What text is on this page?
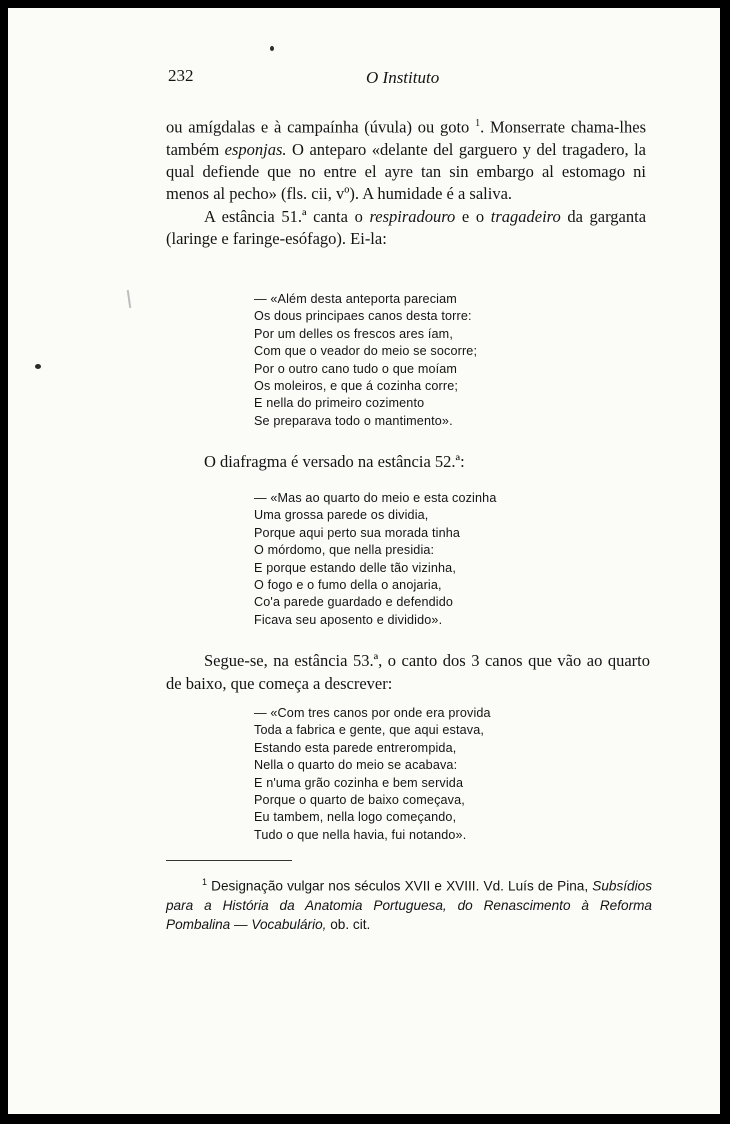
232	O Instituto

ou amígdalas e à campaínha (úvula) ou goto $^1$. Monserrate chama-lhes também esponjas. O anteparo «delante del garguero y del tragadero, la qual defiende que no entre el ayre tan sin embargo al estomago ni menos al pecho» (fls. cii, vº). A humidade é a saliva.

A estância 51.ª canta o respiradouro e o tragadeiro da garganta (laringe e faringe-esófago). Ei-la:

— «Além desta anteporta pareciam
Os dous principaes canos desta torre:
Por um delles os frescos ares íam,
Com que o veador do meio se socorre;
Por o outro cano tudo o que moíam
Os moleiros, e que á cozinha corre;
E nella do primeiro cozimento
Se preparava todo o mantimento».
O diafragma é versado na estância 52.ª:
— «Mas ao quarto do meio e esta cozinha
Uma grossa parede os dividia,
Porque aqui perto sua morada tinha
O mórdomo, que nella presidia:
E porque estando delle tão vizinha,
O fogo e o fumo della o anojaria,
Co'a parede guardado e defendido
Ficava seu aposento e dividido».

Segue-se, na estância 53.ª, o canto dos 3 canos que vão ao quarto de baixo, que começa a descrever:

— «Com tres canos por onde era provida
Toda a fabrica e gente, que aqui estava,
Estando esta parede entrerompida,
Nella o quarto do meio se acabava:
E n'uma grão cozinha e bem servida
Porque o quarto de baixo começava,
Eu tambem, nella logo começando,
Tudo o que nella havia, fui notando».

$^1$ Designação vulgar nos séculos XVII e XVIII. Vd. Luís de Pina, Subsídios para a História da Anatomia Portuguesa, do Renascimento à Reforma Pombalina — Vocabulário, ob. cit.
